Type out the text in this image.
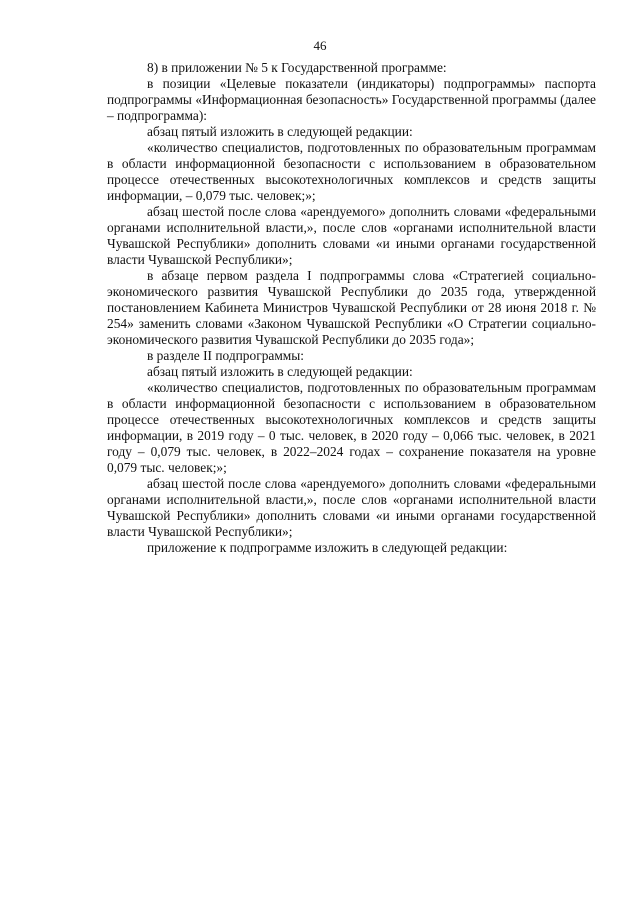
46

8) в приложении № 5 к Государственной программе:

в позиции «Целевые показатели (индикаторы) подпрограммы» паспорта подпрограммы «Информационная безопасность» Государственной программы (далее – подпрограмма):

абзац пятый изложить в следующей редакции:

«количество специалистов, подготовленных по образовательным программам в области информационной безопасности с использованием в образовательном процессе отечественных высокотехнологичных комплексов и средств защиты информации, – 0,079 тыс. человек;»;

абзац шестой после слова «арендуемого» дополнить словами «федеральными органами исполнительной власти,», после слов «органами исполнительной власти Чувашской Республики» дополнить словами «и иными органами государственной власти Чувашской Республики»;

в абзаце первом раздела I подпрограммы слова «Стратегией социально-экономического развития Чувашской Республики до 2035 года, утвержденной постановлением Кабинета Министров Чувашской Республики от 28 июня 2018 г. № 254» заменить словами «Законом Чувашской Республики «О Стратегии социально-экономического развития Чувашской Республики до 2035 года»;

в разделе II подпрограммы:

абзац пятый изложить в следующей редакции:

«количество специалистов, подготовленных по образовательным программам в области информационной безопасности с использованием в образовательном процессе отечественных высокотехнологичных комплексов и средств защиты информации, в 2019 году – 0 тыс. человек, в 2020 году – 0,066 тыс. человек, в 2021 году – 0,079 тыс. человек, в 2022–2024 годах – сохранение показателя на уровне 0,079 тыс. человек;»;

абзац шестой после слова «арендуемого» дополнить словами «федеральными органами исполнительной власти,», после слов «органами исполнительной власти Чувашской Республики» дополнить словами «и иными органами государственной власти Чувашской Республики»;

приложение к подпрограмме изложить в следующей редакции:
